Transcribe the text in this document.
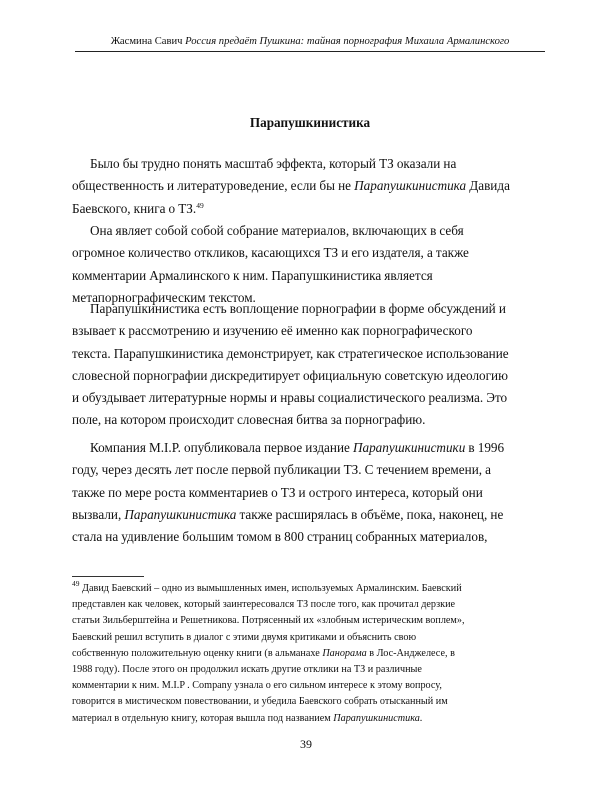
Жасмина Савич Россия предаёт Пушкина: тайная порнография Михаила Армалинского
Парапушкинистика
Было бы трудно понять масштаб эффекта, который ТЗ оказали на
общественность и литературоведение, если бы не Парапушкинистика Давида
Баевского, книга о ТЗ.$^{49}$
Она являет собой собой собрание материалов, включающих в себя
огромное количество откликов, касающихся ТЗ и его издателя, а также
комментарии Армалинского к ним. Парапушкинистика является
метапорнографическим текстом.
Парапушкинистика есть воплощение порнографии в форме обсуждений и
взывает к рассмотрению и изучению её именно как порнографического
текста. Парапушкинистика демонстрирует, как стратегическое использование
словесной порнографии дискредитирует официальную советскую идеологию
и обуздывает литературные нормы и нравы социалистического реализма. Это
поле, на котором происходит словесная битва за порнографию.
Компания M.I.P. опубликовала первое издание Парапушкинистики в 1996
году, через десять лет после первой публикации ТЗ. С течением времени, а
также по мере роста комментариев о ТЗ и острого интереса, который они
вызвали, Парапушкинистика также расширялась в объёме, пока, наконец, не
стала на удивление большим томом в 800 страниц собранных материалов,
$^{49}$ Давид Баевский – одно из вымышленных имен, используемых Армалинским. Баевский
представлен как человек, который заинтересовался ТЗ после того, как прочитал дерзкие
статьи Зильберштейна и Решетникова. Потрясенный их «злобным истерическим воплем»,
Баевский решил вступить в диалог с этими двумя критиками и объяснить свою
собственную положительную оценку книги (в альманахе Панорама в Лос-Анджелесе, в
1988 году). После этого он продолжил искать другие отклики на ТЗ и различные
комментарии к ним. M.I.P . Company узнала о его сильном интересе к этому вопросу,
говорится в мистическом повествовании, и убедила Баевского собрать отысканный им
материал в отдельную книгу, которая вышла под названием Парапушкинистика.
39
